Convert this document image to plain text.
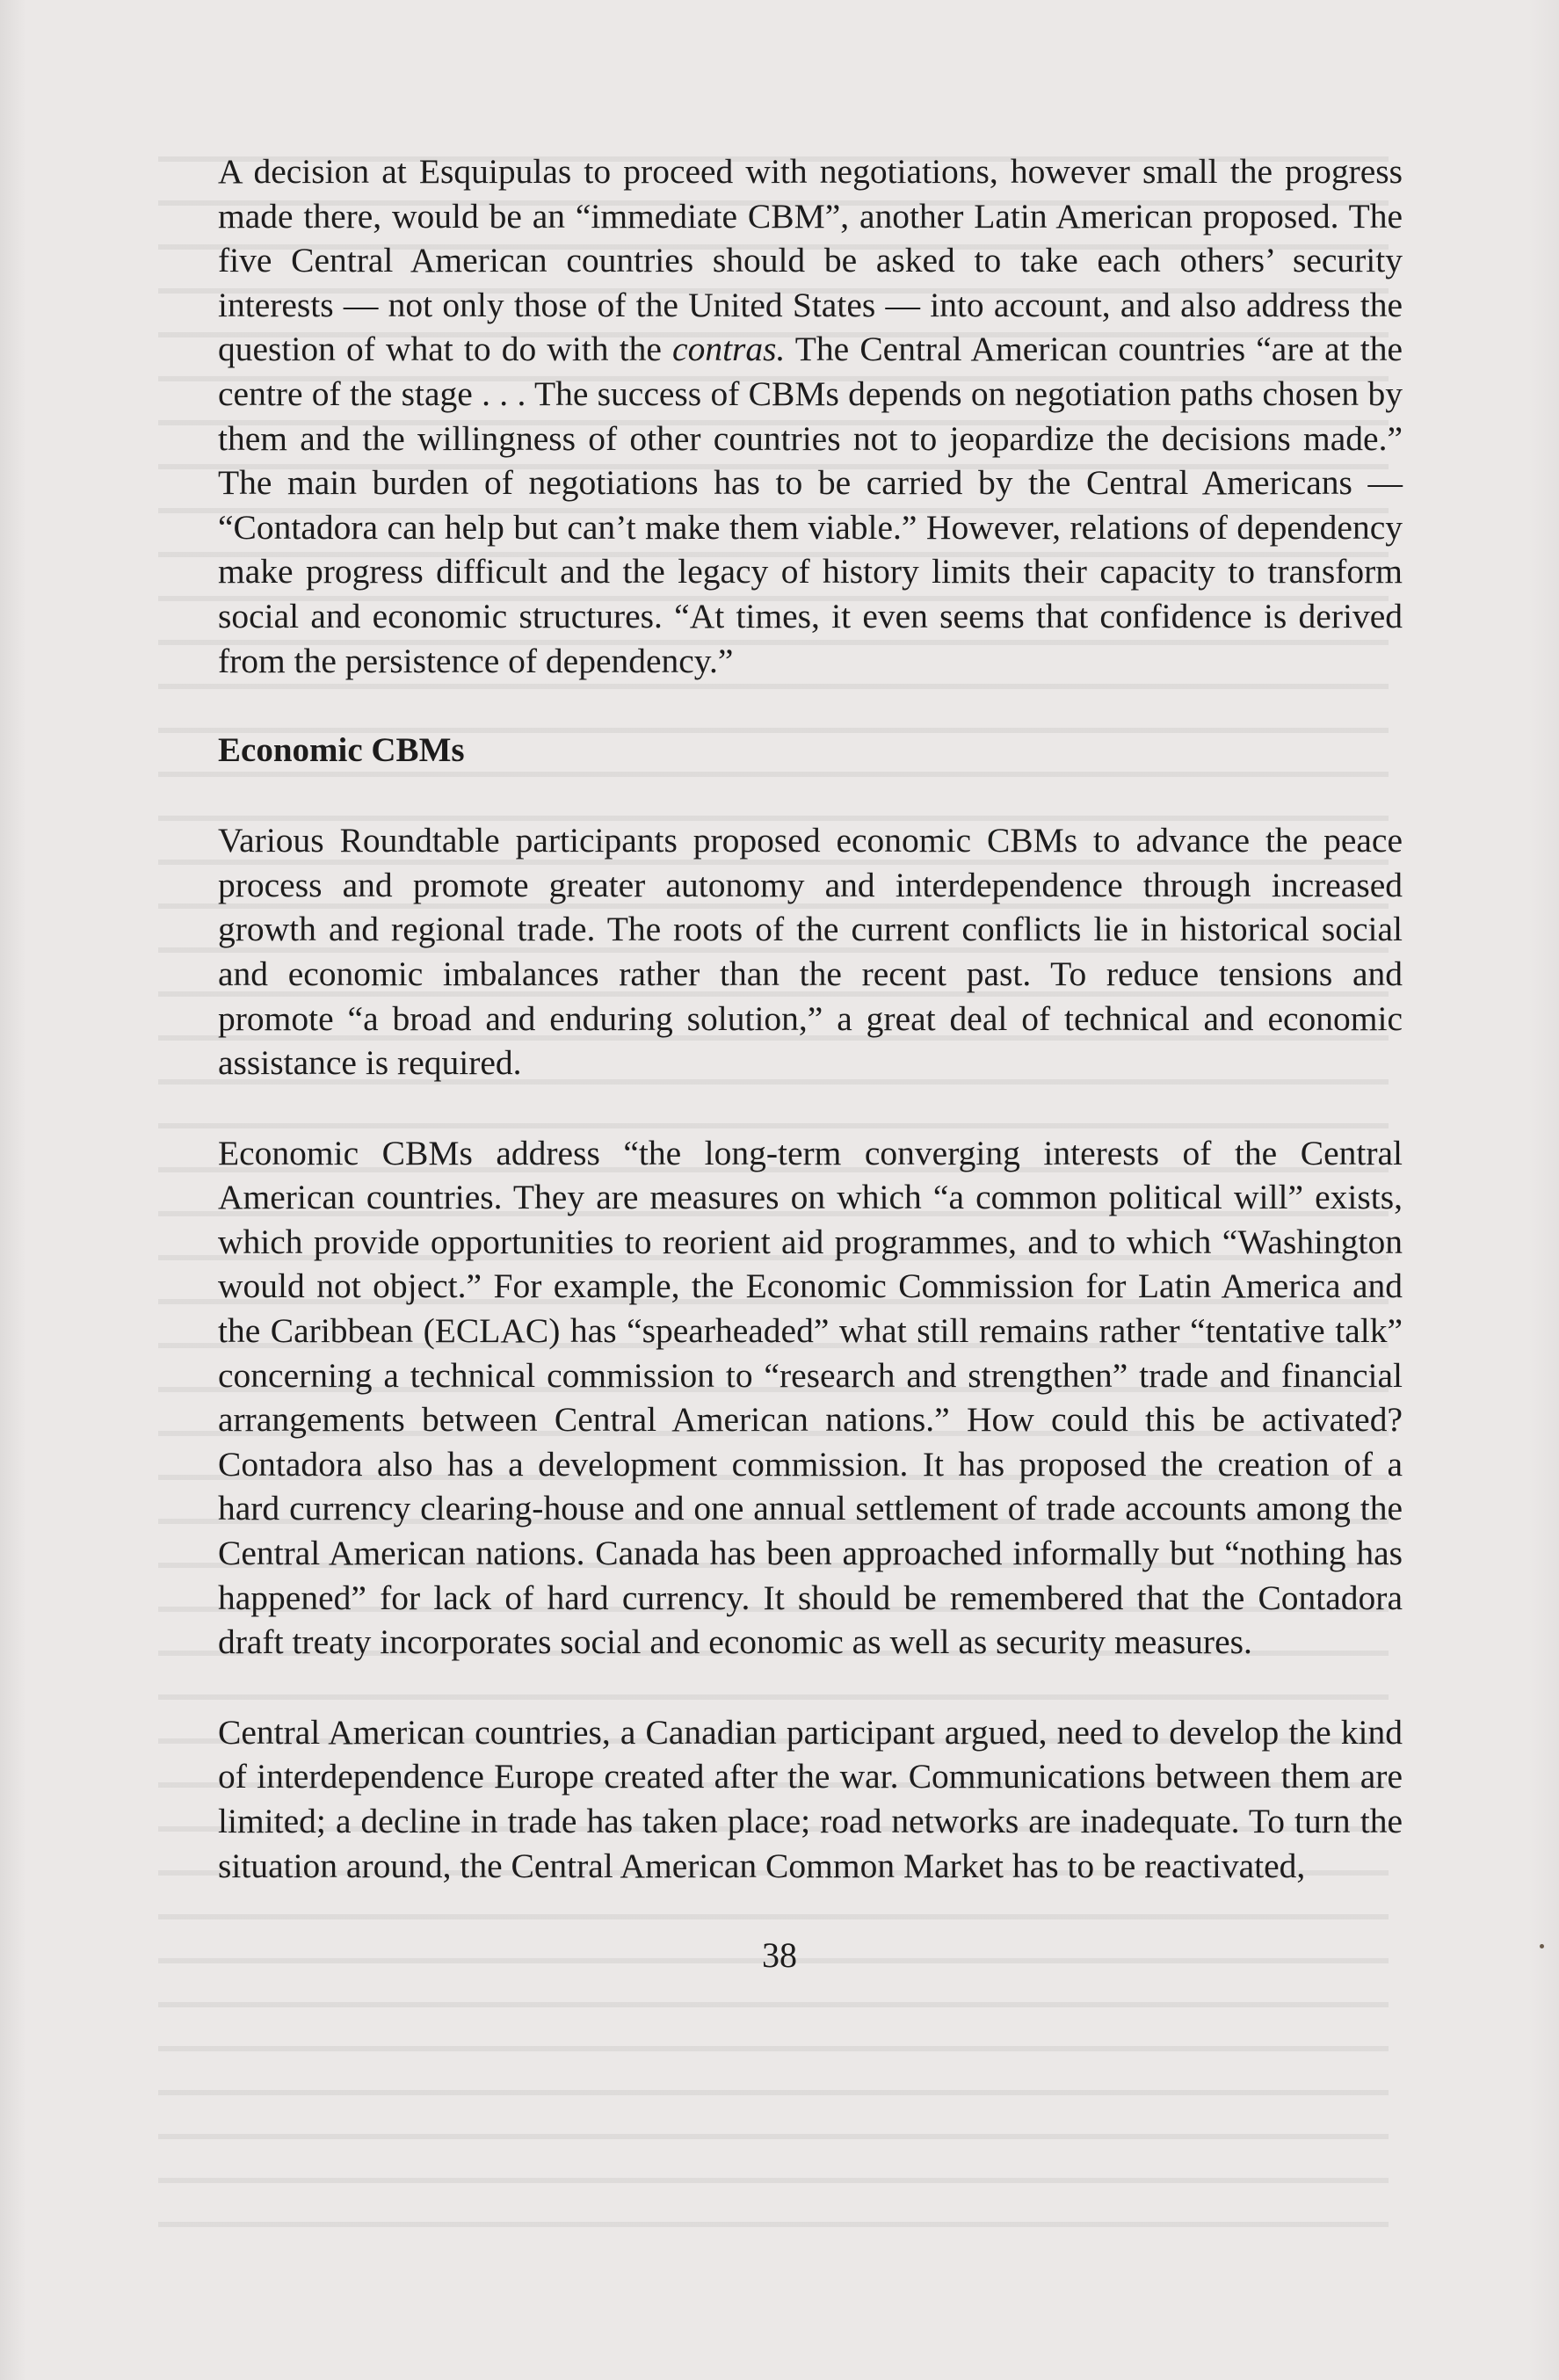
A decision at Esquipulas to proceed with negotiations, however small the progress made there, would be an “immediate CBM”, another Latin American proposed. The five Central American countries should be asked to take each others’ security interests — not only those of the United States — into account, and also address the question of what to do with the contras. The Central American countries “are at the centre of the stage . . . The success of CBMs depends on negotiation paths chosen by them and the willingness of other countries not to jeopardize the decisions made.” The main burden of negotiations has to be carried by the Central Americans — “Contadora can help but can’t make them viable.” However, relations of dependency make progress difficult and the legacy of history limits their capacity to transform social and economic structures. “At times, it even seems that confidence is derived from the persistence of dependency.”

Economic CBMs

Various Roundtable participants proposed economic CBMs to advance the peace process and promote greater autonomy and interdependence through increased growth and regional trade. The roots of the current conflicts lie in historical social and economic imbalances rather than the recent past. To reduce tensions and promote “a broad and enduring solution,” a great deal of technical and economic assistance is required.

Economic CBMs address “the long-term converging interests of the Central American countries. They are measures on which “a common political will” exists, which provide opportunities to reorient aid programmes, and to which “Washington would not object.” For example, the Economic Commission for Latin America and the Caribbean (ECLAC) has “spearheaded” what still remains rather “tentative talk” concerning a technical commission to “research and strengthen” trade and financial arrangements between Central American nations.” How could this be activated? Contadora also has a development commission. It has proposed the creation of a hard currency clearing-house and one annual settlement of trade accounts among the Central American nations. Canada has been approached informally but “nothing has happened” for lack of hard currency. It should be remembered that the Contadora draft treaty incorporates social and economic as well as security measures.

Central American countries, a Canadian participant argued, need to develop the kind of interdependence Europe created after the war. Communications between them are limited; a decline in trade has taken place; road networks are inadequate. To turn the situation around, the Central American Common Market has to be reactivated,

38
